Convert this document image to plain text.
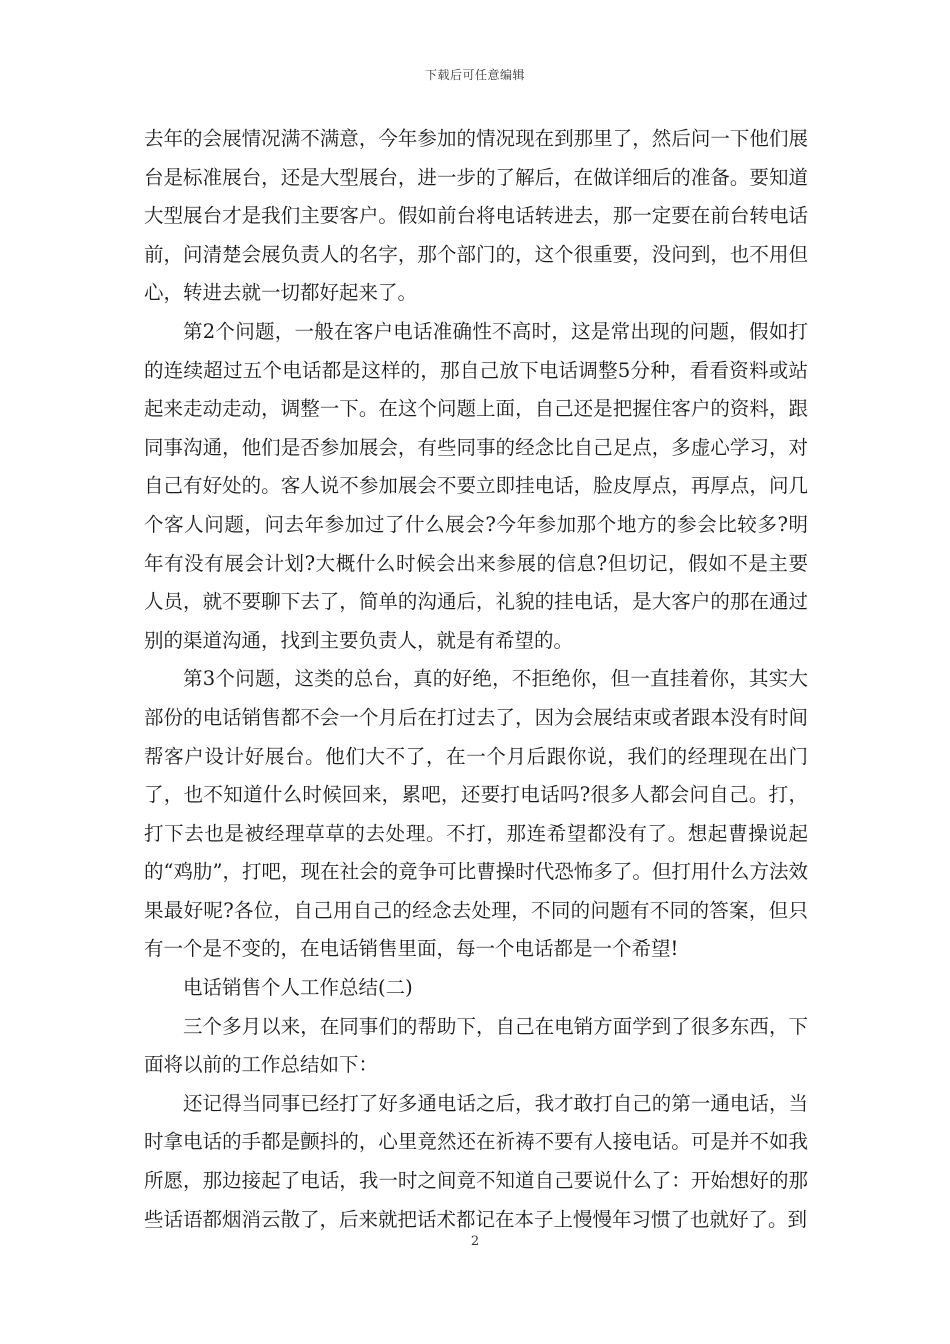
下载后可任意编辑

去年的会展情况满不满意，今年参加的情况现在到那里了，然后问一下他们展台是标准展台，还是大型展台，进一步的了解后，在做详细后的准备。要知道大型展台才是我们主要客户。假如前台将电话转进去，那一定要在前台转电话前，问清楚会展负责人的名字，那个部门的，这个很重要，没问到，也不用但心，转进去就一切都好起来了。

第2个问题，一般在客户电话准确性不高时，这是常出现的问题，假如打的连续超过五个电话都是这样的，那自己放下电话调整5分种，看看资料或站起来走动走动，调整一下。在这个问题上面，自己还是把握住客户的资料，跟同事沟通，他们是否参加展会，有些同事的经念比自己足点，多虚心学习，对自己有好处的。客人说不参加展会不要立即挂电话，脸皮厚点，再厚点，问几个客人问题，问去年参加过了什么展会?今年参加那个地方的参会比较多?明年有没有展会计划?大概什么时候会出来参展的信息?但切记，假如不是主要人员，就不要聊下去了，简单的沟通后，礼貌的挂电话，是大客户的那在通过别的渠道沟通，找到主要负责人，就是有希望的。

第3个问题，这类的总台，真的好绝，不拒绝你，但一直挂着你，其实大部份的电话销售都不会一个月后在打过去了，因为会展结束或者跟本没有时间帮客户设计好展台。他们大不了，在一个月后跟你说，我们的经理现在出门了，也不知道什么时候回来，累吧，还要打电话吗?很多人都会问自己。打，打下去也是被经理草草的去处理。不打，那连希望都没有了。想起曹操说起的“鸡肋”，打吧，现在社会的竟争可比曹操时代恐怖多了。但打用什么方法效果最好呢?各位，自己用自己的经念去处理，不同的问题有不同的答案，但只有一个是不变的，在电话销售里面，每一个电话都是一个希望!

电话销售个人工作总结(二)

三个多月以来，在同事们的帮助下，自己在电销方面学到了很多东西，下面将以前的工作总结如下：

还记得当同事已经打了好多通电话之后，我才敢打自己的第一通电话，当时拿电话的手都是颤抖的，心里竟然还在祈祷不要有人接电话。可是并不如我所愿，那边接起了电话，我一时之间竟不知道自己要说什么了：开始想好的那些话语都烟消云散了，后来就把话术都记在本子上慢慢年习惯了也就好了。到

2
